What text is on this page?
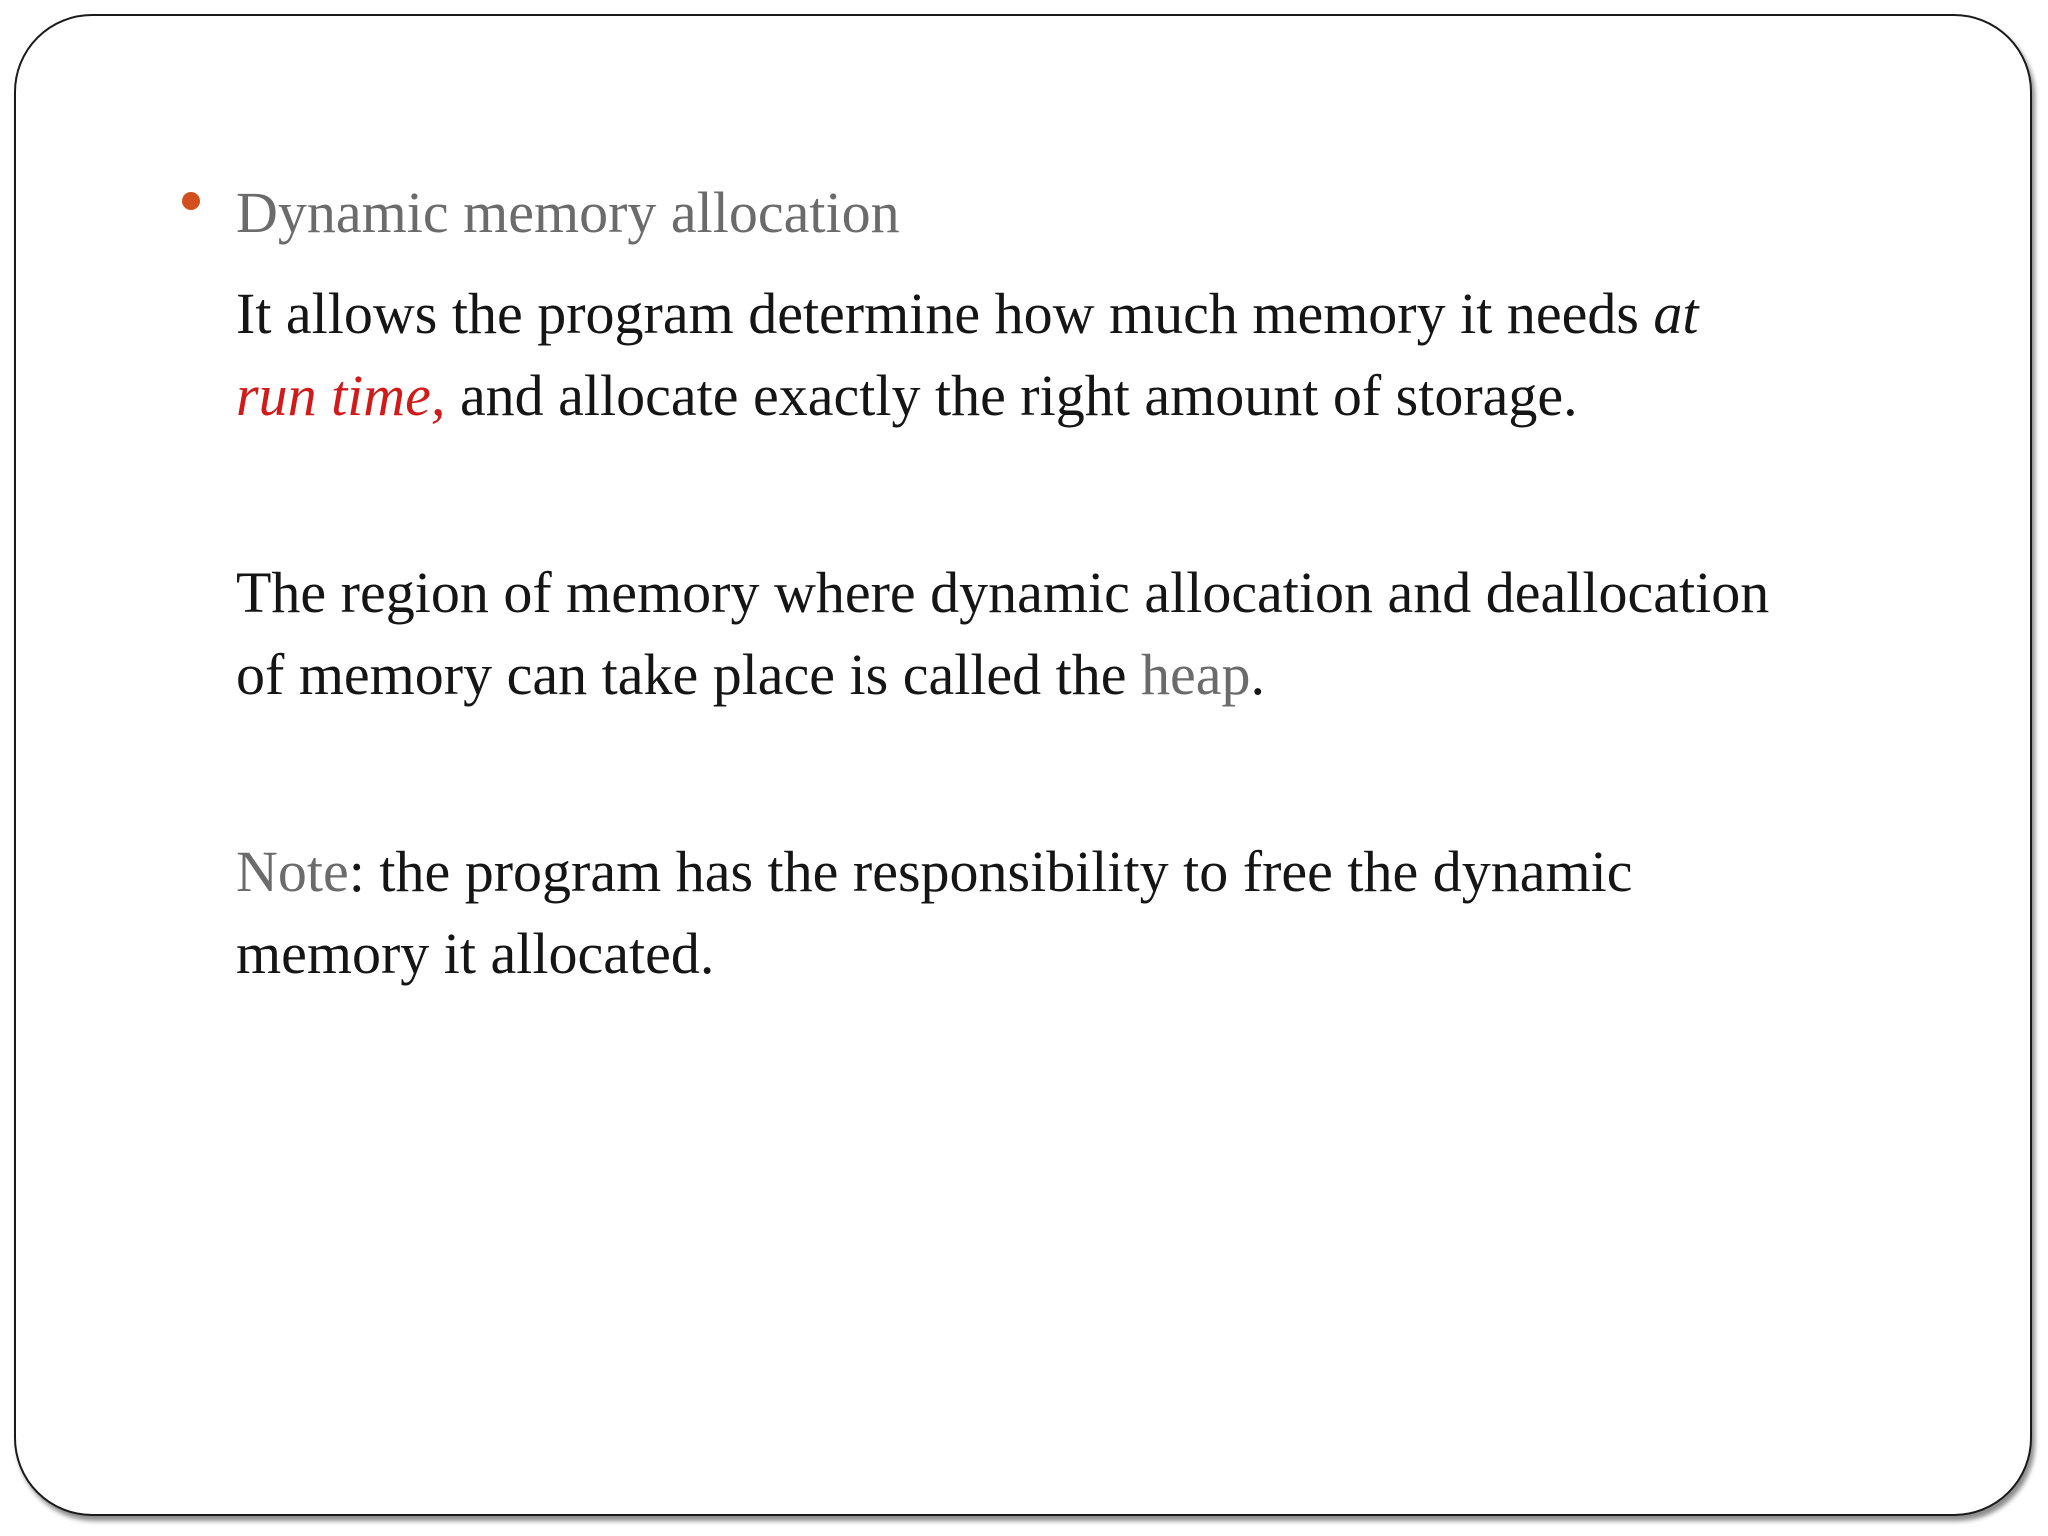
Dynamic memory allocation

It allows the program determine how much memory it needs at
run time, and allocate exactly the right amount of storage.

The region of memory where dynamic allocation and deallocation
of memory can take place is called the heap.

Note: the program has the responsibility to free the dynamic
memory it allocated.
